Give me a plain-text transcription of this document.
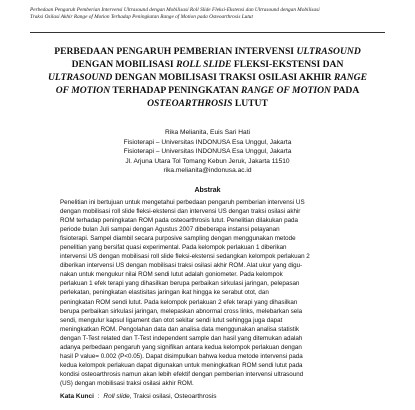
Perbedaan Pengaruh Pemberian Intervensi Ultrasound dengan Mobilisasi Roll Slide Fleksi-Ekstensi dan Ultrasound dengan Mobilisasi
Traksi Osilasi Akhir Range of Motion Terhadap Peningkatan Range of Motion pada Osteoarthrosis Lutut
PERBEDAAN PENGARUH PEMBERIAN INTERVENSI ULTRASOUND
DENGAN MOBILISASI ROLL SLIDE FLEKSI-EKSTENSI DAN
ULTRASOUND DENGAN MOBILISASI TRAKSI OSILASI AKHIR RANGE
OF MOTION TERHADAP PENINGKATAN RANGE OF MOTION PADA
OSTEOARTHROSIS LUTUT
Rika Melianita, Euis Sari Hati
Fisioterapi – Universitas INDONUSA Esa Unggul, Jakarta
Fisioterapi – Universitas INDONUSA Esa Unggul, Jakarta
Jl. Arjuna Utara Tol Tomang Kebun Jeruk, Jakarta 11510
rika.melianita@indonusa.ac.id
Abstrak
Penelitian ini bertujuan untuk mengetahui perbedaan pengaruh pemberian intervensi US
dengan mobilisasi roll slide fleksi-ekstensi dan intervensi US dengan traksi osilasi akhir
ROM terhadap peningkatan ROM pada osteoarthrosis lutut. Penelitian dilakukan pada
periode bulan Juli sampai dengan Agustus 2007 dibeberapa instansi pelayanan
fisioterapi. Sampel diambil secara purposive sampling dengan menggunakan metode
penelitian yang bersifat quasi experimental. Pada kelompok perlakuan 1 diberikan
intervensi US dengan mobilisasi roll slide fleksi-ekstensi sedangkan kelompok perlakuan 2
diberikan intervensi US dengan mobilisasi traksi osilasi akhir ROM. Alat ukur yang digu-
nakan untuk mengukur nilai ROM sendi lutut adalah goniometer. Pada kelompok
perlakuan 1 efek terapi yang dihasilkan berupa perbaikan sirkulasi jaringan, pelepasan
perlekatan, peningkatan elastisitas jaringan ikat hingga ke serabut otot, dan
peningkatan ROM sendi lutut. Pada kelompok perlakuan 2 efek terapi yang dihasilkan
berupa perbaikan sirkulasi jaringan, melepaskan abnormal cross links, melebarkan sela
sendi, mengulur kapsul ligament dan otot sekitar sendi lutut sehingga juga dapat
meningkatkan ROM. Pengolahan data dan analisa data menggunakan analisa statistik
dengan T-Test related dan T-Test independent sample dan hasil yang ditemukan adalah
adanya perbedaan pengaruh yang signifikan antara kedua kelompok perlakuan dengan
hasil P value= 0.002 (P<0.05). Dapat disimpulkan bahwa kedua metode intervensi pada
kedua kelompok perlakuan dapat digunakan untuk meningkatkan ROM sendi lutut pada
kondisi osteoarthrosis namun akan lebih efektif dengan pemberian intervensi ultrasound
(US) dengan mobilisasi traksi osilasi akhir ROM.
Kata Kunci : Roll slide, Traksi osilasi, Osteoarthrosis
